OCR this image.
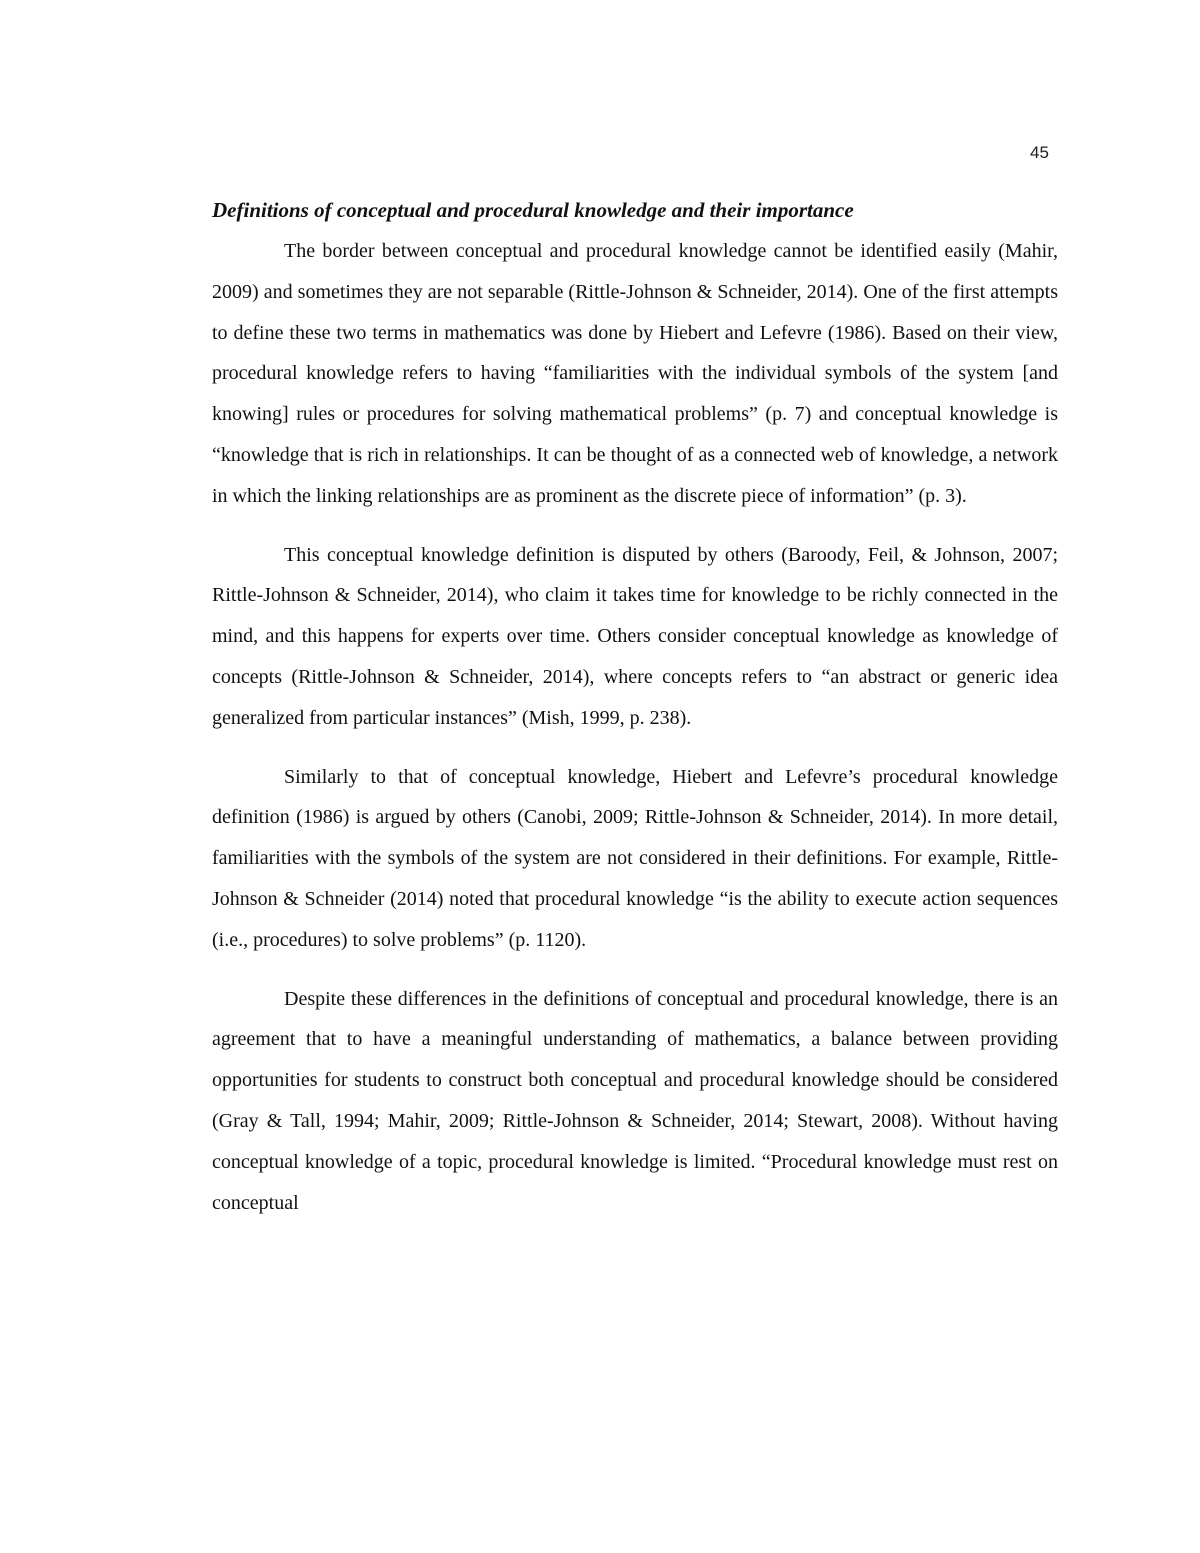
45

Definitions of conceptual and procedural knowledge and their importance

The border between conceptual and procedural knowledge cannot be identified easily (Mahir, 2009) and sometimes they are not separable (Rittle-Johnson & Schneider, 2014). One of the first attempts to define these two terms in mathematics was done by Hiebert and Lefevre (1986). Based on their view, procedural knowledge refers to having “familiarities with the individual symbols of the system [and knowing] rules or procedures for solving mathematical problems” (p. 7) and conceptual knowledge is “knowledge that is rich in relationships. It can be thought of as a connected web of knowledge, a network in which the linking relationships are as prominent as the discrete piece of information” (p. 3).

This conceptual knowledge definition is disputed by others (Baroody, Feil, & Johnson, 2007; Rittle-Johnson & Schneider, 2014), who claim it takes time for knowledge to be richly connected in the mind, and this happens for experts over time. Others consider conceptual knowledge as knowledge of concepts (Rittle-Johnson & Schneider, 2014), where concepts refers to “an abstract or generic idea generalized from particular instances” (Mish, 1999, p. 238).

Similarly to that of conceptual knowledge, Hiebert and Lefevre’s procedural knowledge definition (1986) is argued by others (Canobi, 2009; Rittle-Johnson & Schneider, 2014). In more detail, familiarities with the symbols of the system are not considered in their definitions. For example, Rittle-Johnson & Schneider (2014) noted that procedural knowledge “is the ability to execute action sequences (i.e., procedures) to solve problems” (p. 1120).

Despite these differences in the definitions of conceptual and procedural knowledge, there is an agreement that to have a meaningful understanding of mathematics, a balance between providing opportunities for students to construct both conceptual and procedural knowledge should be considered (Gray & Tall, 1994; Mahir, 2009; Rittle-Johnson & Schneider, 2014; Stewart, 2008). Without having conceptual knowledge of a topic, procedural knowledge is limited. “Procedural knowledge must rest on conceptual
